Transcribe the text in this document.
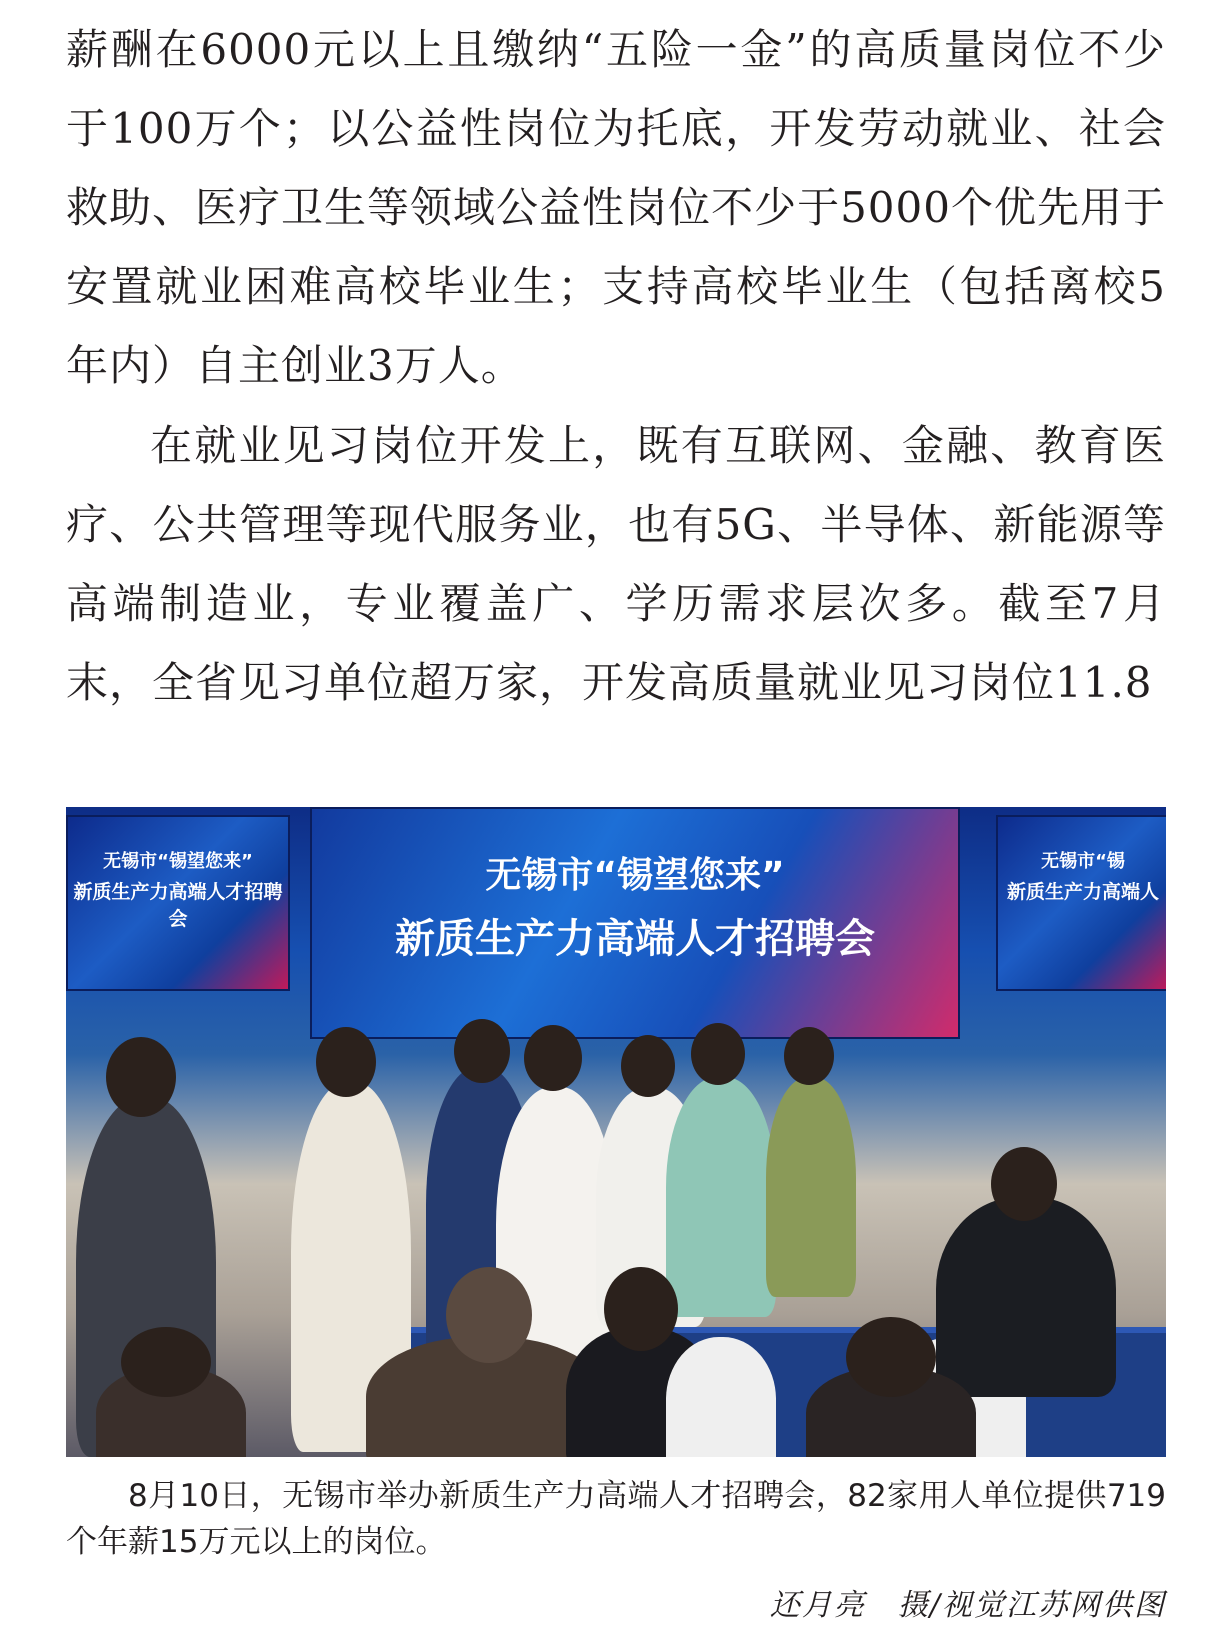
薪酬在6000元以上且缴纳“五险一金”的高质量岗位不少于100万个；以公益性岗位为托底，开发劳动就业、社会救助、医疗卫生等领域公益性岗位不少于5000个优先用于安置就业困难高校毕业生；支持高校毕业生（包括离校5年内）自主创业3万人。

在就业见习岗位开发上，既有互联网、金融、教育医疗、公共管理等现代服务业，也有5G、半导体、新能源等高端制造业，专业覆盖广、学历需求层次多。截至7月末，全省见习单位超万家，开发高质量就业见习岗位11.8

无锡市“锡望您来”
新质生产力高端人才招聘会
无锡市“锡望您来”
新质生产力高端人才招聘会
无锡市“锡
新质生产力高端人

8月10日，无锡市举办新质生产力高端人才招聘会，82家用人单位提供719个年薪15万元以上的岗位。

还月亮　摄/视觉江苏网供图
